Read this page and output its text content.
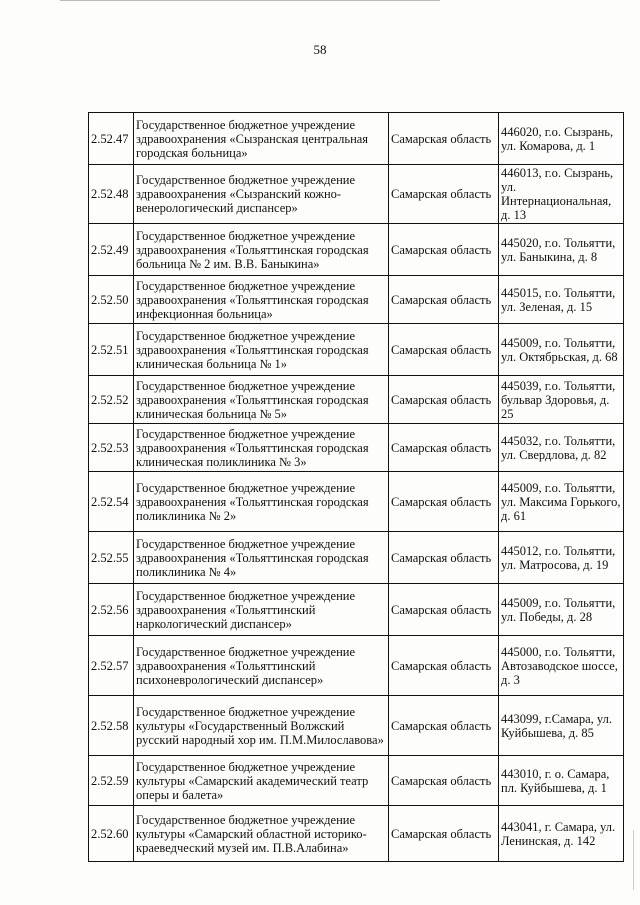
58
2.52.47	Государственное бюджетное учреждение здравоохранения «Сызранская центральная городская больница»	Самарская область	446020, г.о. Сызрань, ул. Комарова, д. 1
2.52.48	Государственное бюджетное учреждение здравоохранения «Сызранский кожно-венерологический диспансер»	Самарская область	446013, г.о. Сызрань, ул. Интернациональная, д. 13
2.52.49	Государственное бюджетное учреждение здравоохранения «Тольяттинская городская больница № 2 им. В.В. Баныкина»	Самарская область	445020, г.о. Тольятти, ул. Баныкина, д. 8
2.52.50	Государственное бюджетное учреждение здравоохранения «Тольяттинская городская инфекционная больница»	Самарская область	445015, г.о. Тольятти, ул. Зеленая, д. 15
2.52.51	Государственное бюджетное учреждение здравоохранения «Тольяттинская городская клиническая больница № 1»	Самарская область	445009, г.о. Тольятти, ул. Октябрьская, д. 68
2.52.52	Государственное бюджетное учреждение здравоохранения «Тольяттинская городская клиническая больница № 5»	Самарская область	445039, г.о. Тольятти, бульвар Здоровья, д. 25
2.52.53	Государственное бюджетное учреждение здравоохранения «Тольяттинская городская клиническая поликлиника № 3»	Самарская область	445032, г.о. Тольятти, ул. Свердлова, д. 82
2.52.54	Государственное бюджетное учреждение здравоохранения «Тольяттинская городская поликлиника № 2»	Самарская область	445009, г.о. Тольятти, ул. Максима Горького, д. 61
2.52.55	Государственное бюджетное учреждение здравоохранения «Тольяттинская городская поликлиника № 4»	Самарская область	445012, г.о. Тольятти, ул. Матросова, д. 19
2.52.56	Государственное бюджетное учреждение здравоохранения «Тольяттинский наркологический диспансер»	Самарская область	445009, г.о. Тольятти, ул. Победы, д. 28
2.52.57	Государственное бюджетное учреждение здравоохранения «Тольяттинский психоневрологический диспансер»	Самарская область	445000, г.о. Тольятти, Автозаводское шоссе, д. 3
2.52.58	Государственное бюджетное учреждение культуры «Государственный Волжский русский народный хор им. П.М.Милославова»	Самарская область	443099, г.Самара, ул. Куйбышева, д. 85
2.52.59	Государственное бюджетное учреждение культуры «Самарский академический театр оперы и балета»	Самарская область	443010, г. о. Самара, пл. Куйбышева, д. 1
2.52.60	Государственное бюджетное учреждение культуры «Самарский областной историко-краеведческий музей им. П.В.Алабина»	Самарская область	443041, г. Самара, ул. Ленинская, д. 142
